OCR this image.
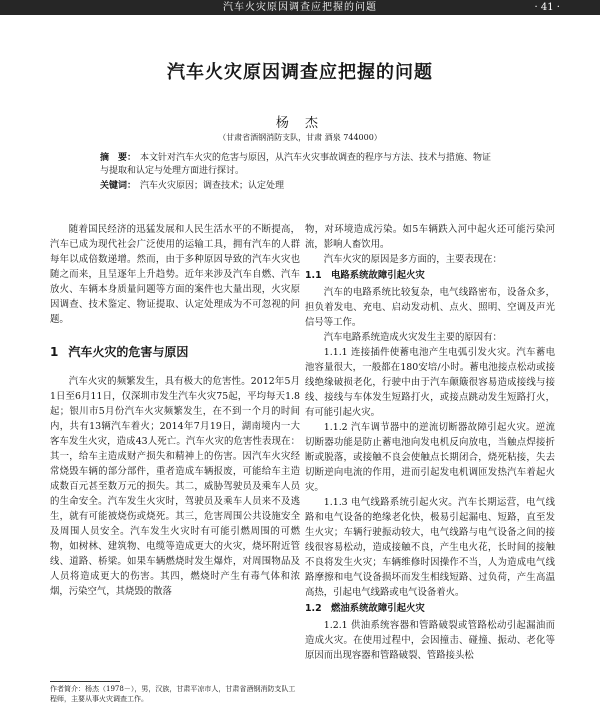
汽车火灾原因调查应把握的问题	· 41 ·
汽车火灾原因调查应把握的问题
杨 杰
（甘肃省酒钢消防支队，甘肃 酒泉 744000）
摘　要： 本文针对汽车火灾的危害与原因，从汽车火灾事故调查的程序与方法、技术与措施、物证与提取和认定与处理方面进行探讨。
关键词： 汽车火灾原因；调查技术；认定处理

随着国民经济的迅猛发展和人民生活水平的不断提高，汽车已成为现代社会广泛使用的运输工具，拥有汽车的人群每年以成倍数递增。然而，由于多种原因导致的汽车火灾也随之而来，且呈逐年上升趋势。近年来涉及汽车自燃、汽车放火、车辆本身质量问题等方面的案件也大量出现，火灾原因调查、技术鉴定、物证提取、认定处理成为不可忽视的问题。

1 汽车火灾的危害与原因

汽车火灾的频繁发生，具有极大的危害性。2012年5月1日至6月11日，仅深圳市发生汽车火灾75起，平均每天1.8起；银川市5月份汽车火灾频繁发生，在不到一个月的时间内，共有13辆汽车着火；2014年7月19日，湖南境内一大客车发生火灾，造成43人死亡。汽车火灾的危害性表现在：其一，给车主造成财产损失和精神上的伤害。因汽车火灾经常烧毁车辆的部分部件，重者造成车辆报废，可能给车主造成数百元甚至数万元的损失。其二，威胁驾驶员及乘车人员的生命安全。汽车发生火灾时，驾驶员及乘车人员来不及逃生，就有可能被烧伤或烧死。其三，危害周围公共设施安全及周围人员安全。汽车发生火灾时有可能引燃周围的可燃物，如树林、建筑物、电缆等造成更大的火灾，烧坏附近管线、道路、桥梁。如果车辆燃烧时发生爆炸，对周围物品及人员将造成更大的伤害。其四，燃烧时产生有毒气体和浓烟，污染空气，其烧毁的散落

物，对环境造成污染。如5车辆跌入河中起火还可能污染河流，影响人畜饮用。

汽车火灾的原因是多方面的，主要表现在：

1.1　电路系统故障引起火灾

汽车的电路系统比较复杂，电气线路密布，设备众多，担负着发电、充电、启动发动机、点火、照明、空调及声光信号等工作。

汽车电路系统造成火灾发生主要的原因有：

1.1.1 连接插件使蓄电池产生电弧引发火灾。汽车蓄电池容量很大，一般都在180安培/小时。蓄电池接点松动或接线绝缘破损老化，行驶中由于汽车颠簸很容易造成接线与接线、接线与车体发生短路打火，或接点跳动发生短路打火，有可能引起火灾。

1.1.2 汽车调节器中的逆流切断器故障引起火灾。逆流切断器功能是防止蓄电池向发电机反向放电，当触点焊接折断或脱落，或接触不良会使触点长期闭合，烧死粘接，失去切断逆向电流的作用，进而引起发电机调匝发热汽车着起火灾。

1.1.3 电气线路系统引起火灾。汽车长期运营，电气线路和电气设备的绝缘老化快，极易引起漏电、短路，直至发生火灾；车辆行驶振动较大，电气线路与电气设备之间的接线很容易松动，造成接触不良，产生电火花，长时间的接触不良将发生火灾；车辆维修时因操作不当，人为造成电气线路摩擦和电气设备损坏而发生相线短路、过负荷，产生高温高热，引起电气线路或电气设备着火。

1.2　燃油系统故障引起火灾

1.2.1 供油系统容器和管路破裂或管路松动引起漏油而造成火灾。在使用过程中，会因撞击、碰撞、振动、老化等原因而出现容器和管路破裂、管路接头松

作者简介：杨杰（1978－），男，汉族，甘肃平凉市人，甘肃省酒钢消防支队工程师，主要从事火灾调查工作。
